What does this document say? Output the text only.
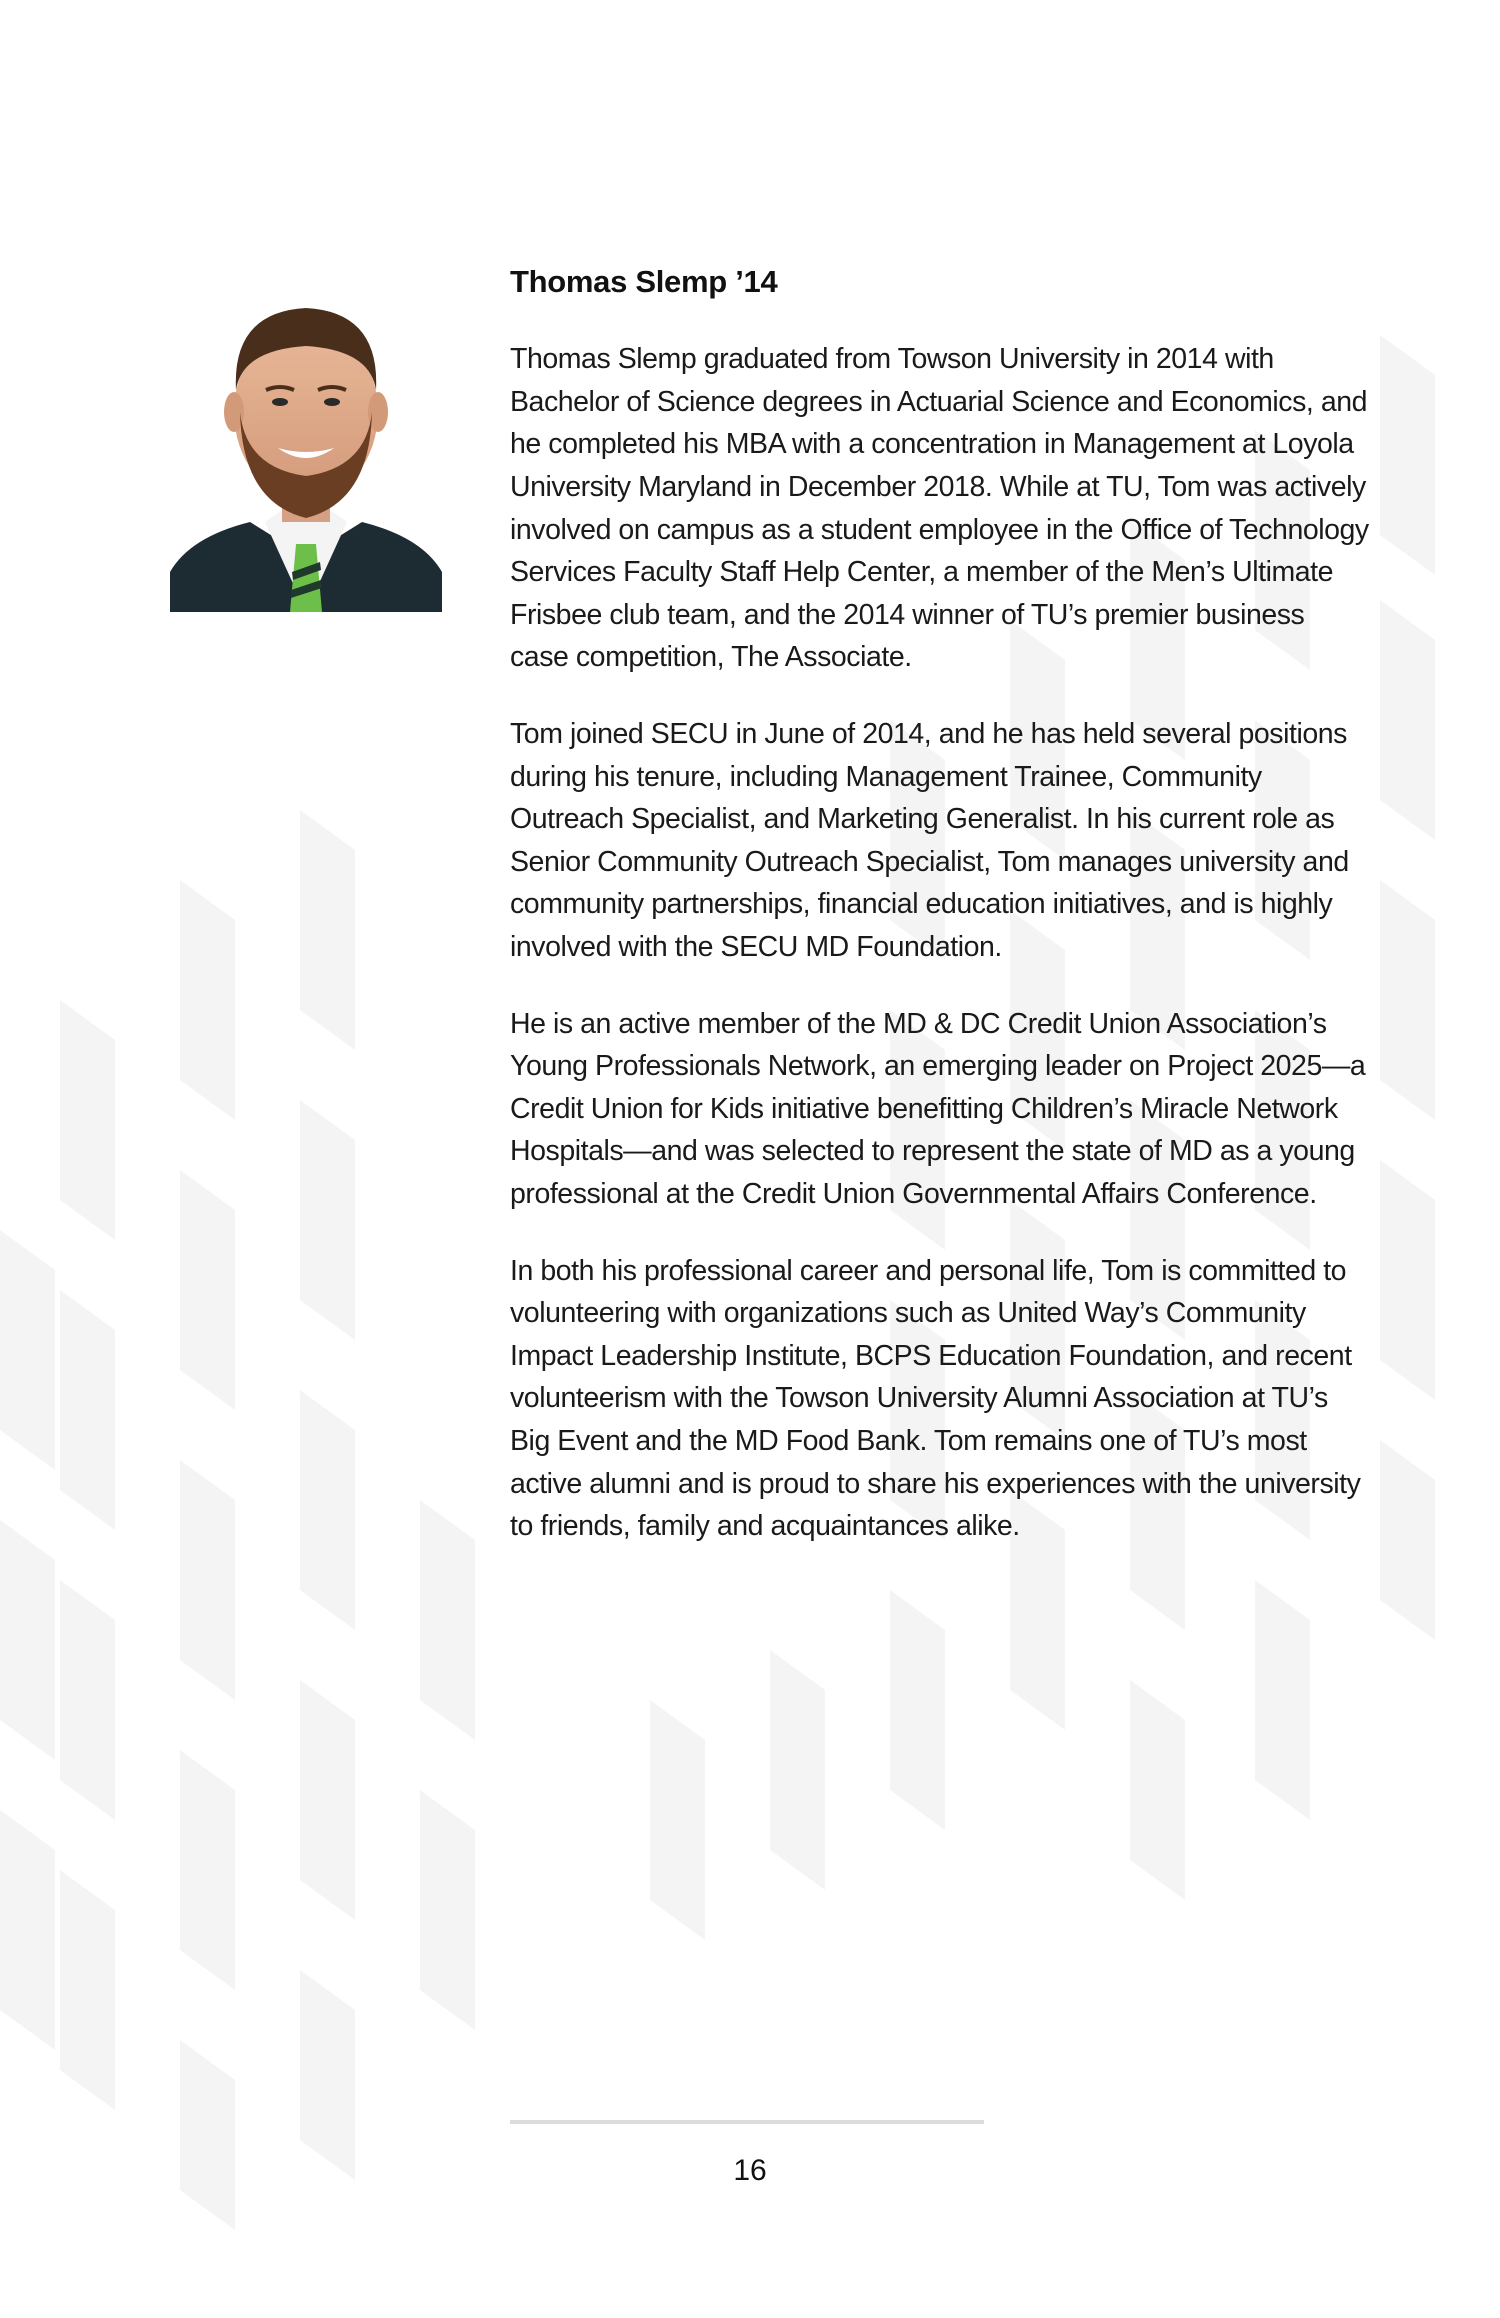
Thomas Slemp ’14

Thomas Slemp graduated from Towson University in 2014 with Bachelor of Science degrees in Actuarial Science and Economics, and he completed his MBA with a concentration in Management at Loyola University Maryland in December 2018. While at TU, Tom was actively involved on campus as a student employee in the Office of Technology Services Faculty Staff Help Center, a member of the Men’s Ultimate Frisbee club team, and the 2014 winner of TU’s premier business case competition, The Associate.

Tom joined SECU in June of 2014, and he has held several positions during his tenure, including Management Trainee, Community Outreach Specialist, and Marketing Generalist. In his current role as Senior Community Outreach Specialist, Tom manages university and community partnerships, financial education initiatives, and is highly involved with the SECU MD Foundation.

He is an active member of the MD & DC Credit Union Association’s Young Professionals Network, an emerging leader on Project 2025—a Credit Union for Kids initiative benefitting Children’s Miracle Network Hospitals—and was selected to represent the state of MD as a young professional at the Credit Union Governmental Affairs Conference.

In both his professional career and personal life, Tom is committed to volunteering with organizations such as United Way’s Community Impact Leadership Institute, BCPS Education Foundation, and recent volunteerism with the Towson University Alumni Association at TU’s Big Event and the MD Food Bank. Tom remains one of TU’s most active alumni and is proud to share his experiences with the university to friends, family and acquaintances alike.

16
